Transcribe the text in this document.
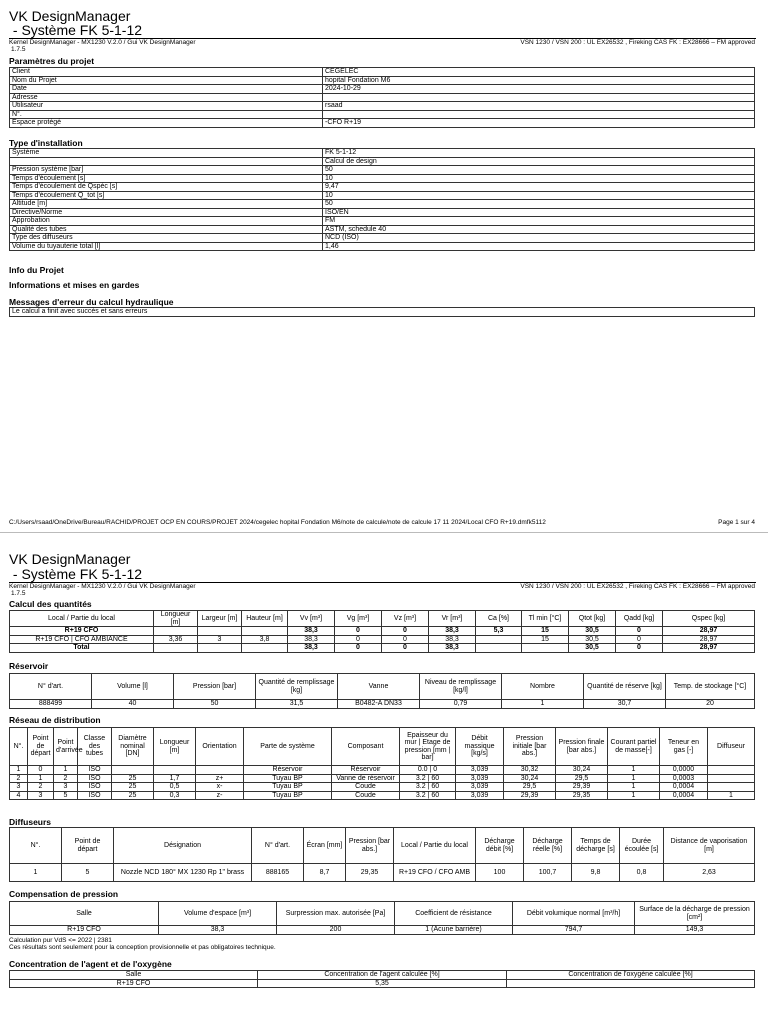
VK DesignManager
- Système FK 5-1-12
Kernel DesignManager - MX1230 V.2.0 / Gui VK DesignManager
1.7.5
VSN 1230 / VSN 200 : UL EX26532 , Fireking CAS FK : EX28666 – FM approved
Paramètres du projet
Client	CEGELEC
Nom du Projet	hopital Fondation M6
Date	2024-10-29
Adresse	
Utilisateur	rsaad
N°.	
Espace protégé	-CFO R+19
Type d'installation
Système	FK 5-1-12
	Calcul de design
Pression système [bar]	50
Temps d'écoulement [s]	10
Temps d'écoulement de Qspéc [s]	9,47
Temps d'écoulement Q_tot [s]	10
Altitude [m]	50
Directive/Norme	ISO/EN
Approbation	FM
Qualité des tubes	ASTM, schedule 40
Type des diffuseurs	NCD (ISO)
Volume du tuyauterie total [l]	1,46
Info du Projet
Informations et mises en gardes
Messages d'erreur du calcul hydraulique
Le calcul a finit avec succès et sans erreurs
C:/Users/rsaad/OneDrive/Bureau/RACHID/PROJET OCP EN COURS/PROJET 2024/cegelec hopital Fondation M6/note de calcule/note de calcule 17 11 2024/Local CFO R+19.dmfk5112	Page 1 sur 4
VK DesignManager
- Système FK 5-1-12
Kernel DesignManager - MX1230 V.2.0 / Gui VK DesignManager
1.7.5
VSN 1230 / VSN 200 : UL EX26532 , Fireking CAS FK : EX28666 – FM approved
Calcul des quantités
Local / Partie du local	Longueur [m]	Largeur [m]	Hauteur [m]	Vv [m³]	Vg [m³]	Vz [m³]	Vr [m³]	Ca [%]	Tl min [°C]	Qtot [kg]	Qadd [kg]	Qspec [kg]
R+19 CFO				38,3	0	0	38,3	5,3	15	30,5	0	28,97
R+19 CFO | CFO AMBIANCE	3,36	3	3,8	38,3	0	0	38,3		15	30,5	0	28,97
Total				38,3	0	0	38,3			30,5	0	28,97
Réservoir
N° d'art.	Volume [l]	Pression [bar]	Quantité de remplissage [kg]	Vanne	Niveau de remplissage [kg/l]	Nombre	Quantité de réserve [kg]	Temp. de stockage [°C]
888499	40	50	31,5	B0482-A DN33	0,79	1	30,7	20
Réseau de distribution
N°.	Point de départ	Point d'arrivée	Classe des tubes	Diamètre nominal [DN]	Longueur [m]	Orientation	Parte de système	Composant	Epaisseur du mur | Etage de pression [mm | bar]	Débit massique [kg/s]	Pression initiale [bar abs.]	Pression finale [bar abs.]	Courant partiel de masse[-]	Teneur en gas [-]	Diffuseur
1	0	1	ISO				Réservoir	Réservoir	0.0 | 0	3,039	30,32	30,24	1	0,0000	
2	1	2	ISO	25	1,7	z+	Tuyau BP	Vanne de réservoir	3.2 | 60	3,039	30,24	29,5	1	0,0003	
3	2	3	ISO	25	0,5	x-	Tuyau BP	Coude	3.2 | 60	3,039	29,5	29,39	1	0,0004	
4	3	5	ISO	25	0,3	z-	Tuyau BP	Coude	3.2 | 60	3,039	29,39	29,35	1	0,0004	1
Diffuseurs
N°.	Point de départ	Désignation	N° d'art.	Écran [mm]	Pression [bar abs.]	Local / Partie du local	Décharge débit [%]	Décharge réelle [%]	Temps de décharge [s]	Durée écoulée [s]	Distance de vaporisation [m]
1	5	Nozzle NCD 180° MX 1230 Rp 1" brass	888165	8,7	29,35	R+19 CFO / CFO AMB	100	100,7	9,8	0,8	2,63
Compensation de pression
Salle	Volume d'espace [m³]	Surpression max. autorisée [Pa]	Coefficient de résistance	Débit volumique normal [m³/h]	Surface de la décharge de pression [cm²]
R+19 CFO	38,3	200	1 (Acune barrière)	794,7	149,3
Calculation pur VdS <= 2022 | 2381
Ces résultats sont seulement pour la conception provisionnelle et pas obligatoires technique.
Concentration de l'agent et de l'oxygène
Salle	Concentration de l'agent calculée [%]	Concentration de l'oxygène calculée [%]
R+19 CFO	5,35	
